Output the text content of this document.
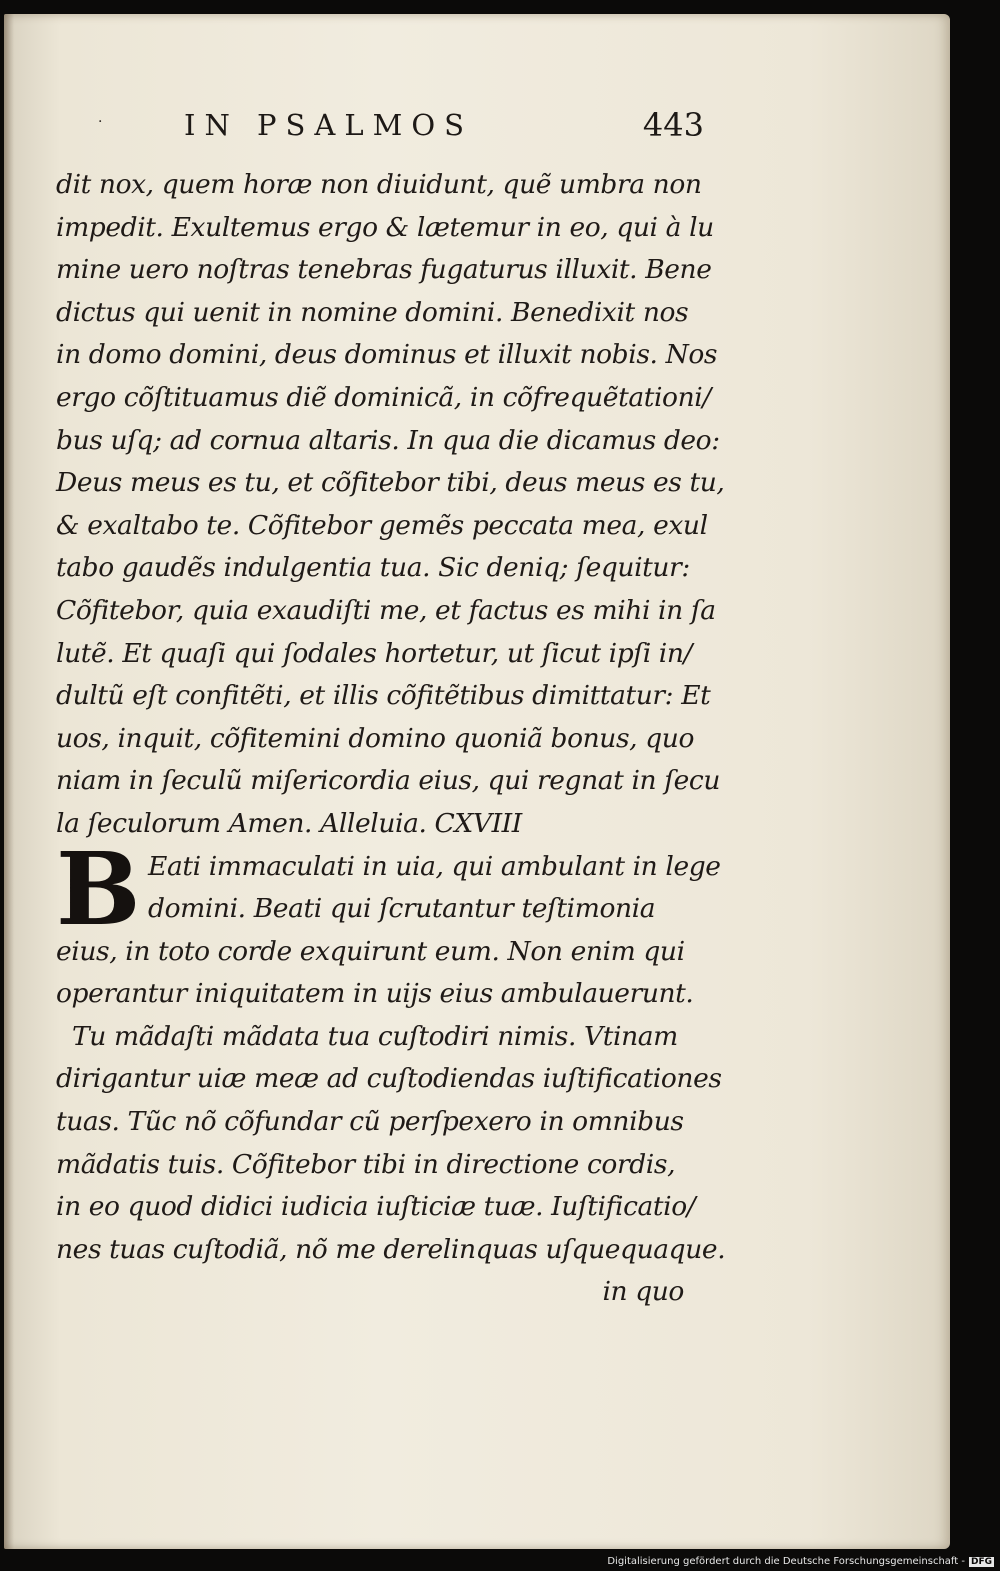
·	IN PSALMOS	443
dit nox, quem horæ non diuidunt, quẽ umbra non
impedit. Exultemus ergo & lætemur in eo, qui à lu
mine uero noſtras tenebras fugaturus illuxit. Bene
dictus qui uenit in nomine domini. Benedixit nos
in domo domini, deus dominus et illuxit nobis. Nos
ergo cõſtituamus diẽ dominicã, in cõfrequẽtationi/
bus uſq; ad cornua altaris. In qua die dicamus deo:
Deus meus es tu, et cõfitebor tibi, deus meus es tu,
& exaltabo te. Cõfitebor gemẽs peccata mea, exul
tabo gaudẽs indulgentia tua. Sic deniq; ſequitur:
Cõfitebor, quia exaudiſti me, et factus es mihi in ſa
lutẽ. Et quaſi qui ſodales hortetur, ut ſicut ipſi in/
dultũ eſt confitẽti, et illis cõfitẽtibus dimittatur: Et
uos, inquit, cõfitemini domino quoniã bonus, quo
niam in ſeculũ miſericordia eius, qui regnat in ſecu
la ſeculorum Amen. Alleluia. CXVIII
B Eati immaculati in uia, qui ambulant in lege
domini. Beati qui ſcrutantur teſtimonia
eius, in toto corde exquirunt eum. Non enim qui
operantur iniquitatem in uijs eius ambulauerunt.
Tu mãdaſti mãdata tua cuſtodiri nimis. Vtinam
dirigantur uiæ meæ ad cuſtodiendas iuſtificationes
tuas. Tũc nõ cõfundar cũ perſpexero in omnibus
mãdatis tuis. Cõfitebor tibi in directione cordis,
in eo quod didici iudicia iuſticiæ tuæ. Iuſtificatio/
nes tuas cuſtodiã, nõ me derelinquas uſquequaque.
in quo
Digitalisierung gefördert durch die Deutsche Forschungsgemeinschaft - DFG
